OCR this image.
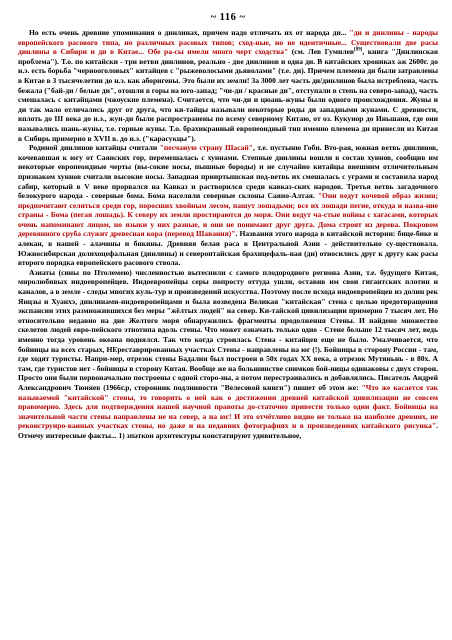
~ 116 ~

Но есть очень древние упоминания о динлинах, причем надо отличать их от народа ди... "ди и динлины - народы европейского расового типа, но различных расовых типов; сход-ные, но не идентичные... Существовали две расы динлины в Сибири и ди в Китае... Обе ра-сы имели много черт сходства" (см. Лев Гумилев[89], книга "Динлинская проблема"). Т.о. по китайски - три ветви динлинов, реально - две динлинов и одна ди. В китайских хрониках аж 2600г. до н.э. есть борьба "чернооголовых" китайцев с "рыжеволосыми дьяволами" (т.е. ди). Причем племена ди были затравлены в Китае в 3 тысячелетии до н.э. как аборигены. Это были их земли! За 3000 лет часть ди/динлинов была истреблена, часть бежала ("бай-ди / белые ди", отошли в горы на юго-запад; "чи-ди / красные ди", отступали в степь на северо-запад), часть смешалась с китайцами (чжоуские племена). Считается, что чи-ди и цюань-жуны были одного происхождения. Жуны и ди так мало отличались друг от друга, что ки-тайцы называли некоторые роды ди западными жунами. С древности, вплоть до III века до н.э., жун-ди были распространены по всему северному Китаю, от оз. Кукунор до Иньшаня, где они назывались шань-жуны, т.е. горные жуны. Т.о. брахикранный европеоидный тип именно племена ди принесли из Китая в Сибирь примерно в XVII в. до н.э. ("карасукцы").

Родиной динлинов китайцы считали "песчаную страну Шасай", т.е. пустыню Гоби. Вто-рая, южная ветвь динлинов, кочевавшая к югу от Саянских гор, перемешалась с хуннами. Степные динлины вошли в состав хуннов, сообщив им некоторые европеоидные черты (вы-сокие носы, пышные бороды) и не случайно китайцы внешним отличительным признаком хуннов считали высокие носы. Западная прииртышская под-ветвь их смешалась с уграми и составила народ сабир, который в V веке прорвался на Кавказ и растворился среди кавказ-ских народов. Третья ветвь загадочного белокурого народа - северные бома. Бома населяли северные склоны Саяно-Алтая. "Они ведут кочевой образ жизни; предпочитают селиться среди гор, поросших хвойным лесом, пашут лошадьми; все их лошади пегие, откуда и назва-ние страны - Бома (пегая лошадь). К северу их земли простираются до моря. Они ведут ча-стые войны с хагасами, которых очень напоминают лицом, но языки у них разные, и они не понимают друг друга. Дома строят из дерева. Покровом деревянного сруба служит древесная кора (перевод Шавання)". Названия этого народа в китайской истории: бице-бике и алекан, в нашей - алачины и бикины. Древняя белая раса в Центральной Азии - действительно су-ществовала. Южносибирская долихоцефальная (динлины) и североитайская брахицефаль-ная (ди) относились друг к другу как расы второго порядка европейского расового ствола.

Азиаты (сины по Птолемею) численностью вытеснили с самого плодородного региона Азии, т.е. будущего Китая, миролюбивых индоевропейцев. Индоевропейцы серы попросту оттуда ушли, оставив им свои гигантских плотин и каналов, а в земле - следы многих куль-тур и произведений искусства. Поэтому после исхода индоевропейцев из долин рек Янцзы и Хуанхэ, динлинами-индоевропейцами и была возведена Великая "китайская" стена с целью предотвращения экспансии этих размножившихся без меры "жёлтых людей" на север. Ки-тайской цивилизации примерно 7 тысяч лет. Но относительно недавно на дне Желтого моря обнаружились фрагменты продолжения Стены. И найдено множество скелетов людей евро-пейского этнотипа вдоль стены. Что может означать только одно - Стене больше 12 тысяч лет, ведь именно тогда уровень океана поднялся. Так что когда строилась Стена - китайцев еще не было. Умалчивается, что бойницы на всех старых, НЕреставрированных участках Стены - направлены на юг (!). Бойницы в сторону России - там, где ходят туристы. Напри-мер, отрезок стены Бадалин был построен в 50х годах XX века, а отрезок Мутяньнь - в 80х. А там, где туристов нет - бойницы в сторону Китая. Вообще же на большинстве снимков бой-ницы одинаковы с двух сторон. Просто они были первоначально построены с одной сторо-ны, а потом перестраивались и добавлялись. Писатель Андрей Александрович Тюняев (1966г.р, сторонник подлинности "Велесовой книги") пишет об этом же: "Что же касается так называемой "китайской" стены, то говорить о ней как о достижении древней китайской цивилизации не совсем правомерно. Здесь для подтверждения нашей научной правоты до-статочно привести только один факт. Бойницы на значительной части стены направлены не на север, а на юг! И это отчётливо видно не только на наиболее древних, не реконструиро-ванных участках стены, но даже и на недавних фотографиях и в произведениях китайского рисунка". Отмечу интересные факты... 1) зпаткои архитектуры констатируют удивительное,
